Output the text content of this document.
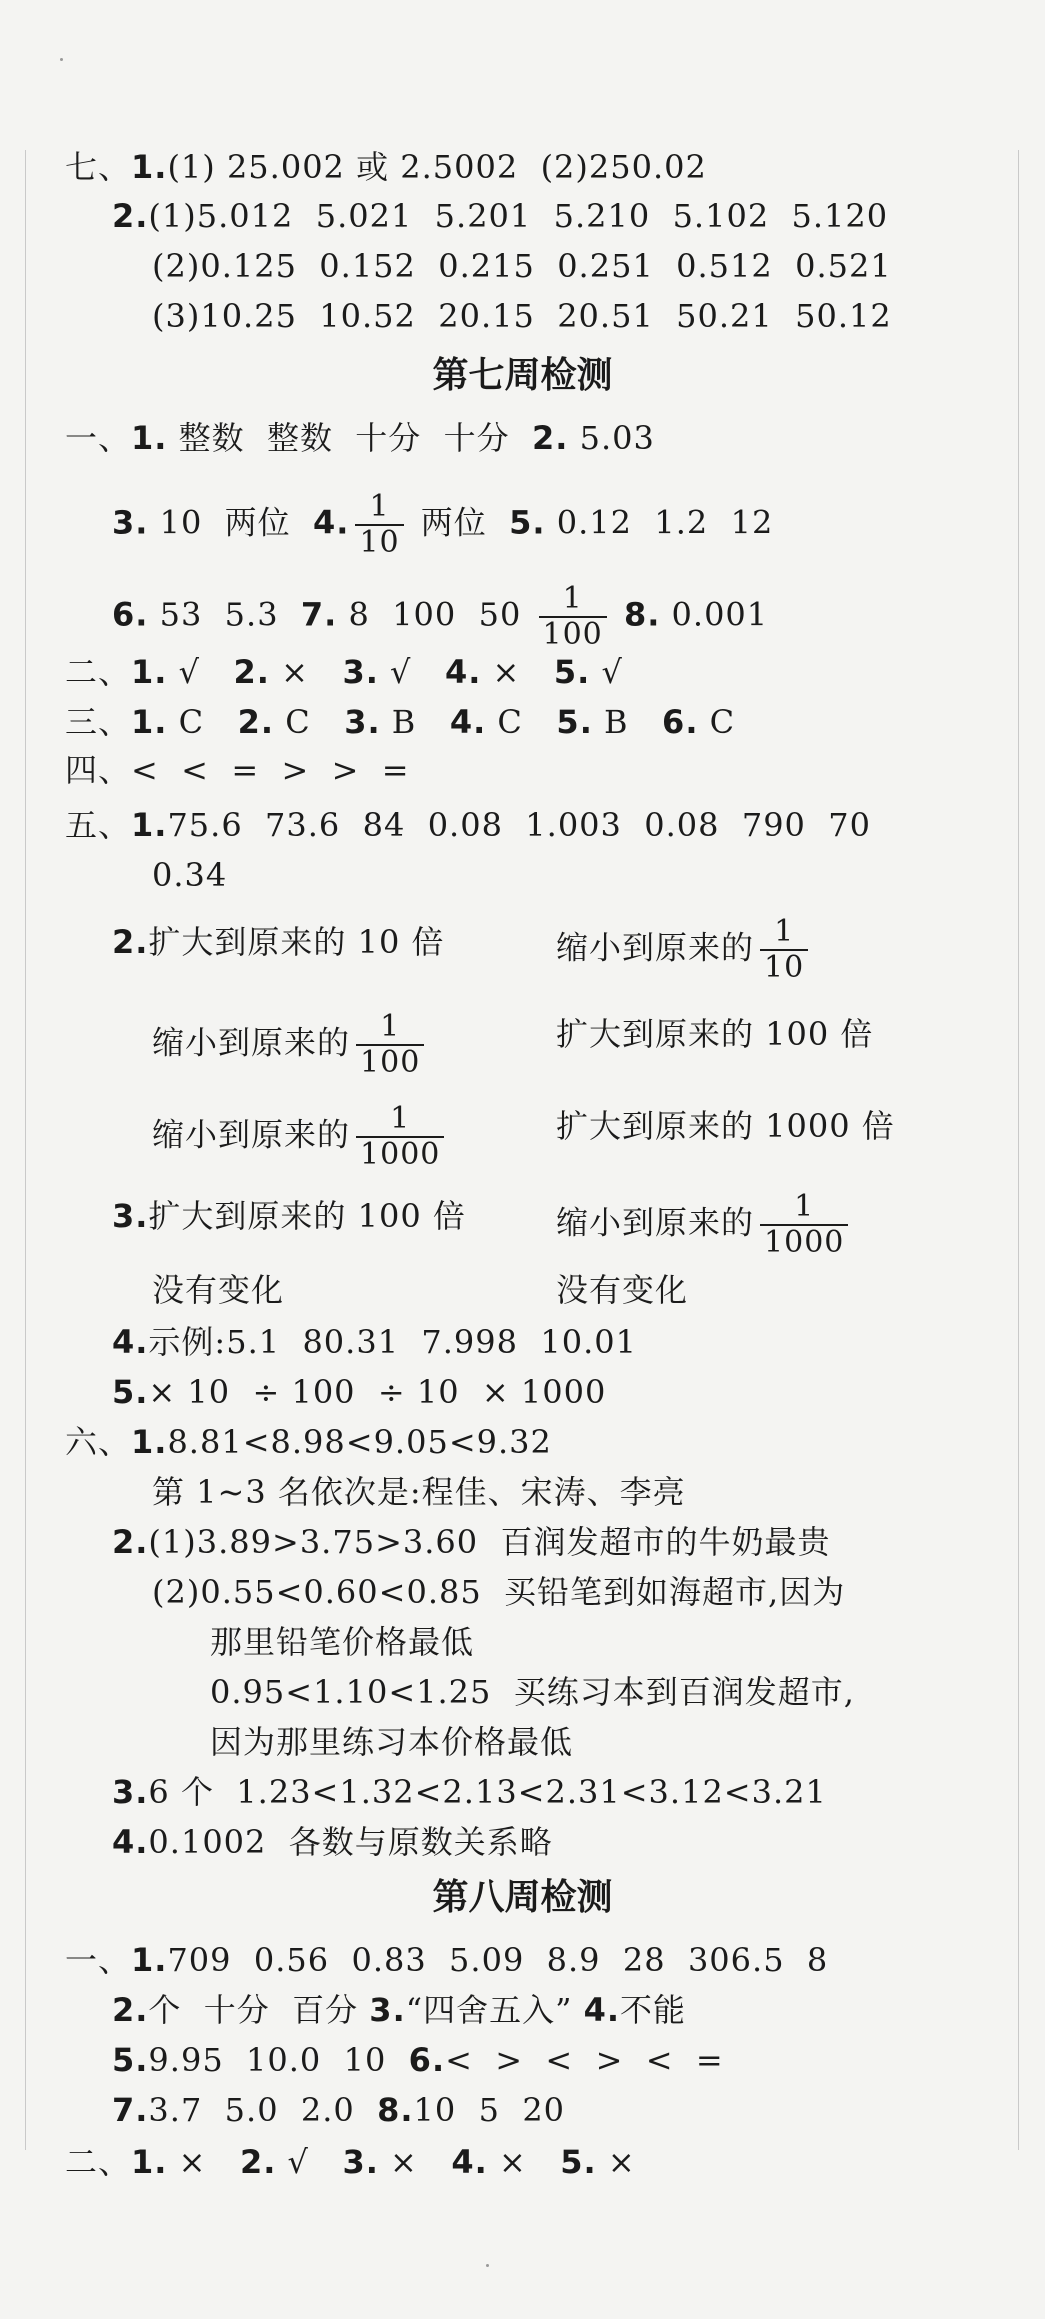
七、1.(1) 25.002 或 2.5002  (2)250.02
2.(1)5.012  5.021  5.201  5.210  5.102  5.120
(2)0.125  0.152  0.215  0.251  0.512  0.521
(3)10.25  10.52  20.15  20.51  50.21  50.12
第七周检测
一、1. 整数  整数  十分  十分  2. 5.03
3. 10  两位  4. $\frac{1}{10}$ 两位  5. 0.12  1.2  12
6. 53  5.3  7. 8  100  $50 \frac{1}{100} 8$. 0.001
二、1. √   2. ×   3. √   4. ×   5. √
三、1. C   2. C   3. B   4. C   5. B   6. C
四、<  <  =  >  >  =
五、1.75.6  73.6  84  0.08  1.003  0.08  790  70
0.34
2.扩大到原来的 10 倍	缩小到原来的 $\frac{1}{10}$
缩小到原来的 $\frac{1}{100}$	扩大到原来的 100 倍
缩小到原来的 $\frac{1}{1000}$	扩大到原来的 1000 倍
3.扩大到原来的 100 倍	缩小到原来的 $\frac{1}{1000}$
没有变化	没有变化
4.示例:5.1  80.31  7.998  10.01
5.× 10  ÷ 100  ÷ 10  × 1000
六、1.8.81<8.98<9.05<9.32
第 1~3 名依次是:程佳、宋涛、李亮
2.(1)3.89>3.75>3.60  百润发超市的牛奶最贵
(2)0.55<0.60<0.85  买铅笔到如海超市,因为
那里铅笔价格最低
0.95<1.10<1.25  买练习本到百润发超市,
因为那里练习本价格最低
3.6 个  1.23<1.32<2.13<2.31<3.12<3.21
4.0.1002  各数与原数关系略
第八周检测
一、1.709  0.56  0.83  5.09  8.9  28  306.5  8
2.个  十分  百分 3.“四舍五入” 4.不能
5.9.95  10.0  10  6.<  >  <  >  <  =
7.3.7  5.0  2.0  8.10  5  20
二、1. ×   2. √   3. ×   4. ×   5. ×
